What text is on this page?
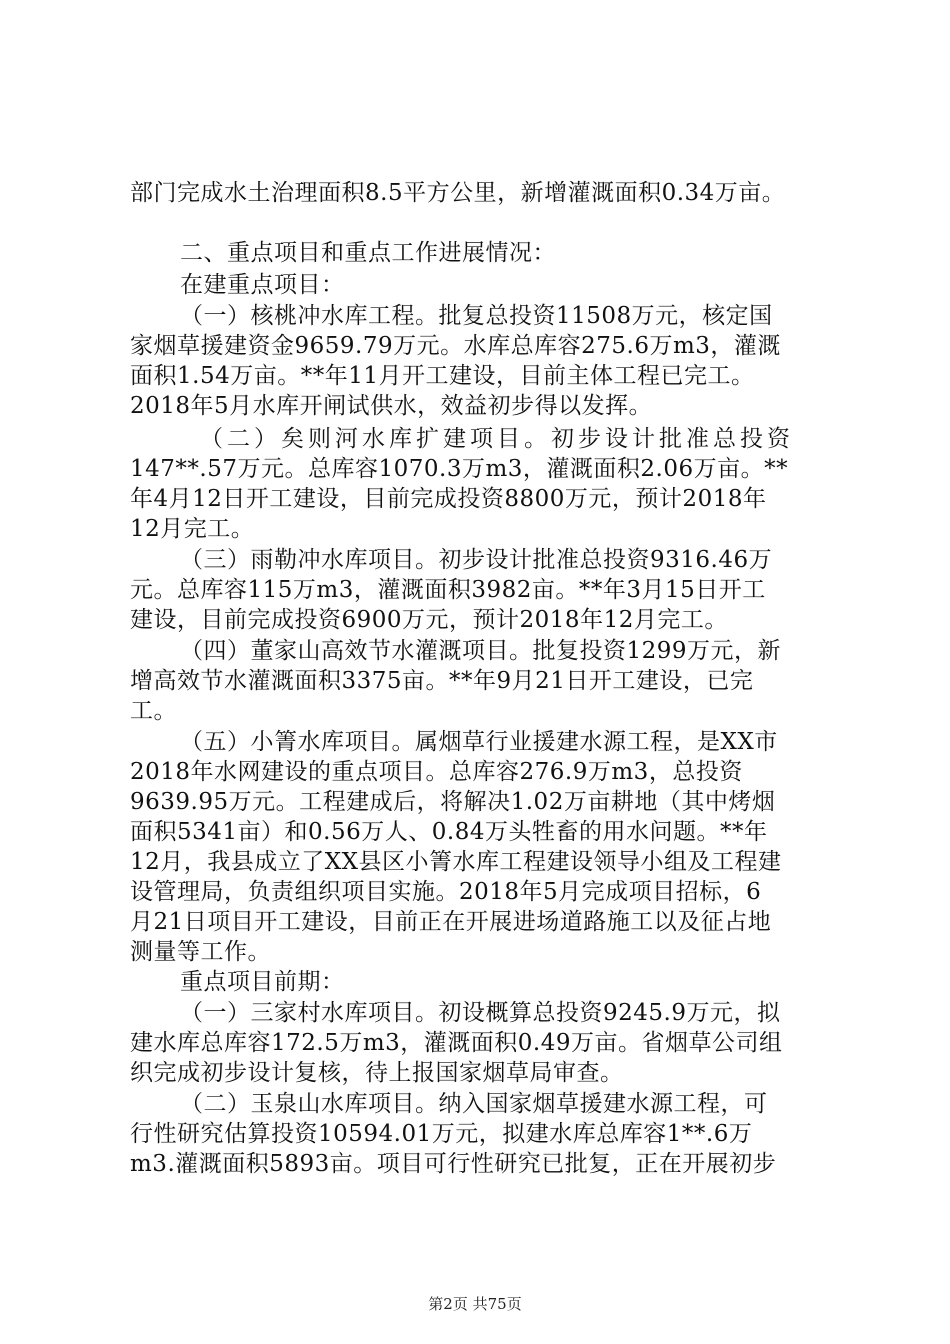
部门完成水土治理面积8.5平方公里，新增灌溉面积0.34万亩。
二、重点项目和重点工作进展情况：
在建重点项目：
（一）核桃冲水库工程。批复总投资11508万元，核定国
家烟草援建资金9659.79万元。水库总库容275.6万m3，灌溉
面积1.54万亩。**年11月开工建设，目前主体工程已完工。
2018年5月水库开闸试供水，效益初步得以发挥。
（二）矣则河水库扩建项目。初步设计批准总投资
147**.57万元。总库容1070.3万m3，灌溉面积2.06万亩。**
年4月12日开工建设，目前完成投资8800万元，预计2018年
12月完工。
（三）雨勒冲水库项目。初步设计批准总投资9316.46万
元。总库容115万m3，灌溉面积3982亩。**年3月15日开工
建设，目前完成投资6900万元，预计2018年12月完工。
（四）董家山高效节水灌溉项目。批复投资1299万元，新
增高效节水灌溉面积3375亩。**年9月21日开工建设，已完
工。
（五）小箐水库项目。属烟草行业援建水源工程，是XX市
2018年水网建设的重点项目。总库容276.9万m3，总投资
9639.95万元。工程建成后，将解决1.02万亩耕地（其中烤烟
面积5341亩）和0.56万人、0.84万头牲畜的用水问题。**年
12月，我县成立了XX县区小箐水库工程建设领导小组及工程建
设管理局，负责组织项目实施。2018年5月完成项目招标，6
月21日项目开工建设，目前正在开展进场道路施工以及征占地
测量等工作。
重点项目前期：
（一）三家村水库项目。初设概算总投资9245.9万元，拟
建水库总库容172.5万m3，灌溉面积0.49万亩。省烟草公司组
织完成初步设计复核，待上报国家烟草局审查。
（二）玉泉山水库项目。纳入国家烟草援建水源工程，可
行性研究估算投资10594.01万元，拟建水库总库容1**.6万
m3.灌溉面积5893亩。项目可行性研究已批复，正在开展初步
第2页 共75页
